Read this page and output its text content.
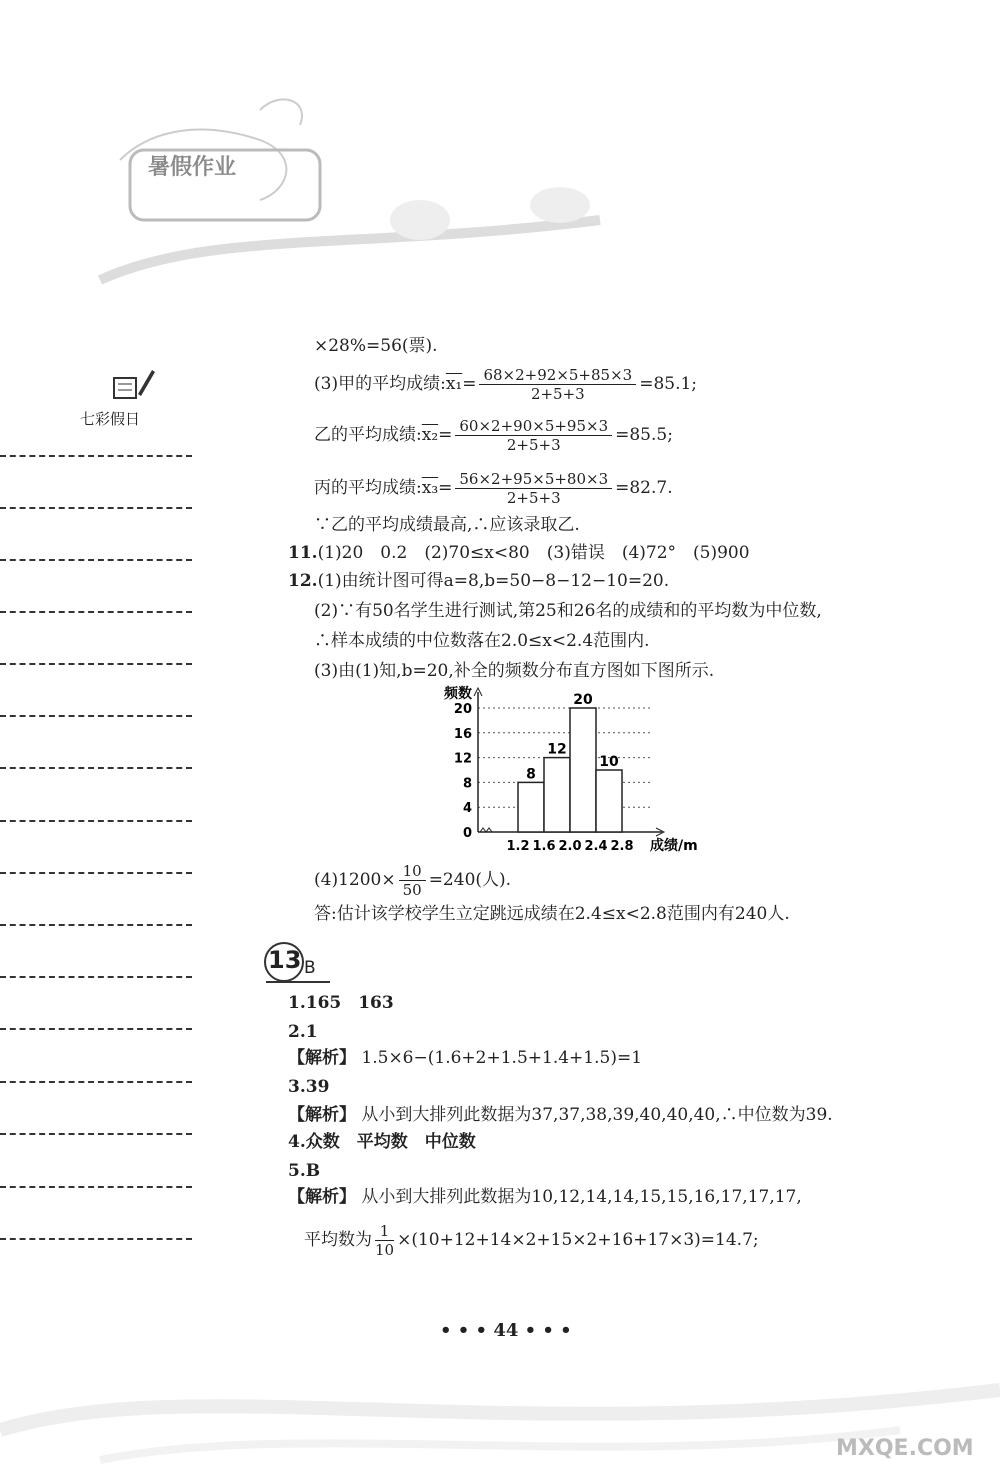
暑假作业
七彩假日
×28%=56(票).
(3)甲的平均成绩:x₁= $\frac{68\times 2+92\times 5+85\times 3}{2+5+3} =85.1$;
乙的平均成绩:x₂= $\frac{60\times 2+90\times 5+95\times 3}{2+5+3} =85.5$;
丙的平均成绩:x₃= $\frac{56\times 2+95\times 5+80\times 3}{2+5+3} =82.7$.
∵乙的平均成绩最高,∴应该录取乙.
11.(1)20　0.2　(2)70≤x<80　(3)错误　(4)72°　(5)900
12.(1)由统计图可得a=8,b=50−8−12−10=20.
(2)∵有50名学生进行测试,第25和26名的成绩和的平均数为中位数,
∴样本成绩的中位数落在2.0≤x<2.4范围内.
(3)由(1)知,b=20,补全的频数分布直方图如下图所示.
0
4
8
12
16
20
频数
1.2 1.6 2.0 2.4 2.8 成绩/m
8
12
20
10
$(4)1200\times \frac{10}{50} =240$(人).
答:估计该学校学生立定跳远成绩在2.4≤x<2.8范围内有240人.
13 B
1.165　163
2.1
【解析】 1.5×6−(1.6+2+1.5+1.4+1.5)=1
3.39
【解析】 从小到大排列此数据为37,37,38,39,40,40,40,∴中位数为39.
4.众数　平均数　中位数
5.B
【解析】 从小到大排列此数据为10,12,14,14,15,15,16,17,17,17,
平均数为 $\frac{1}{10} \times(10+12+14\times 2+15\times 2+16+17\times 3)=14.7$;
• • • 44 • • •
MXQE.COM
